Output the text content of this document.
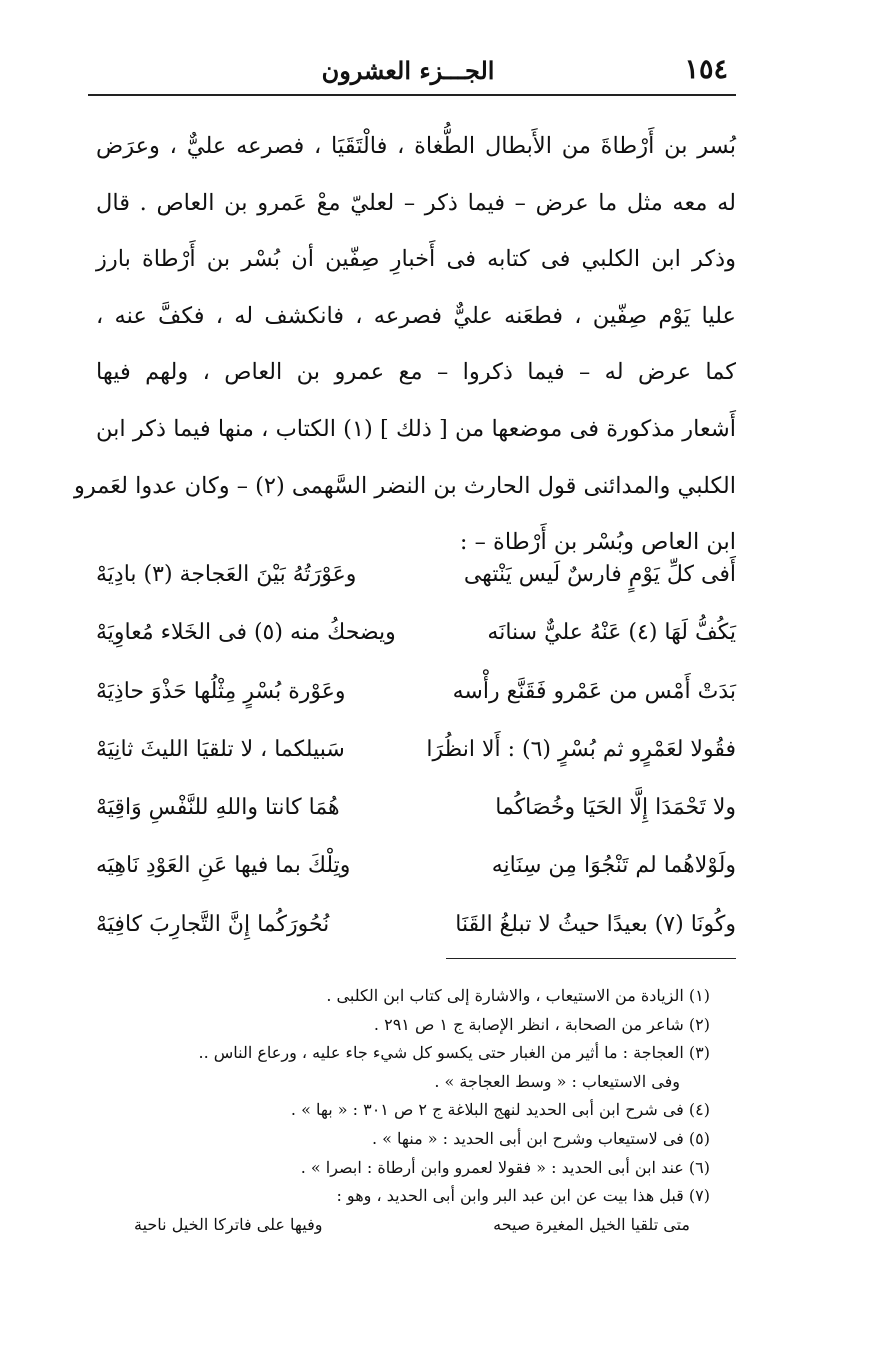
١٥٤
الجـــزء العشرون
بُسر بن أَرْطاةَ من الأَبطال الطُّغاة ، فالْتَقَيَا ، فصرعه عليٌّ ، وعرَض
له معه مثل ما عرض – فيما ذكر – لعليّ معْ عَمرو بن العاص . قال
وذكر ابن الكلبي فى كتابه فى أَخبارِ صِفّين أن بُسْر بن أَرْطاة بارز
عليا يَوْم صِفّين ، فطعَنه عليٌّ فصرعه ، فانكشف له ، فكفَّ عنه ،
كما عرض له – فيما ذكروا – مع عمرو بن العاص ، ولهم فيها
أَشعار مذكورة فى موضعها من [ ذلك ] (١) الكتاب ، منها فيما ذكر ابن
الكلبي والمدائنى قول الحارث بن النضر السَّهمى (٢) – وكان عدوا لعَمرو
ابن العاص وبُسْر بن أَرْطاة – :
أَفى كلِّ يَوْمٍ فارسٌ لَيس يَنْتهى
وعَوْرَتُهُ بَيْنَ العَجاجة (٣) بادِيَهْ
يَكُفُّ لَهَا (٤) عَنْهُ عليٌّ سنانَه
ويضحكُ منه (٥) فى الخَلاء مُعاوِيَهْ
بَدَتْ أَمْس من عَمْرو فَقَنَّع رأْسه
وعَوْرة بُسْرٍ مِثْلُها حَذْوَ حاذِيَهْ
فقُولا لعَمْرٍو ثم بُسْرٍ (٦) : أَلا انظُرَا
سَبيلكما ، لا تلقيَا الليثَ ثانِيَهْ
ولا تَحْمَدَا إِلَّا الحَيَا وخُصَاكُما
هُمَا كانتا واللهِ للنَّفْسِ وَاقِيَهْ
ولَوْلاهُما لم تَنْجُوَا مِن سِنَانِه
وتِلْكَ بما فيها عَنِ العَوْدِ نَاهِيَه
وكُونَا (٧) بعيدًا حيثُ لا تبلغُ القَنَا
نُحُورَكُما إِنَّ التَّجارِبَ كافِيَهْ
(١) الزيادة من الاستيعاب ، والاشارة إلى كتاب ابن الكلبى .
(٢) شاعر من الصحابة ، انظر الإصابة ج ١ ص ٢٩١ .
(٣) العجاجة : ما أثير من الغبار حتى يكسو كل شيء جاء عليه ، ورعاع الناس ..
وفى الاستيعاب : « وسط العجاجة » .
(٤) فى شرح ابن أبى الحديد لنهج البلاغة ج ٢ ص ٣٠١ : « بها » .
(٥) فى لاستيعاب وشرح ابن أبى الحديد : « منها » .
(٦) عند ابن أبى الحديد : « فقولا لعمرو وابن أرطاة : ابصرا » .
(٧) قبل هذا بيت عن ابن عبد البر وابن أبى الحديد ، وهو :
متى تلقيا الخيل المغيرة صيحه
وفيها على فاتركا الخيل ناحية
